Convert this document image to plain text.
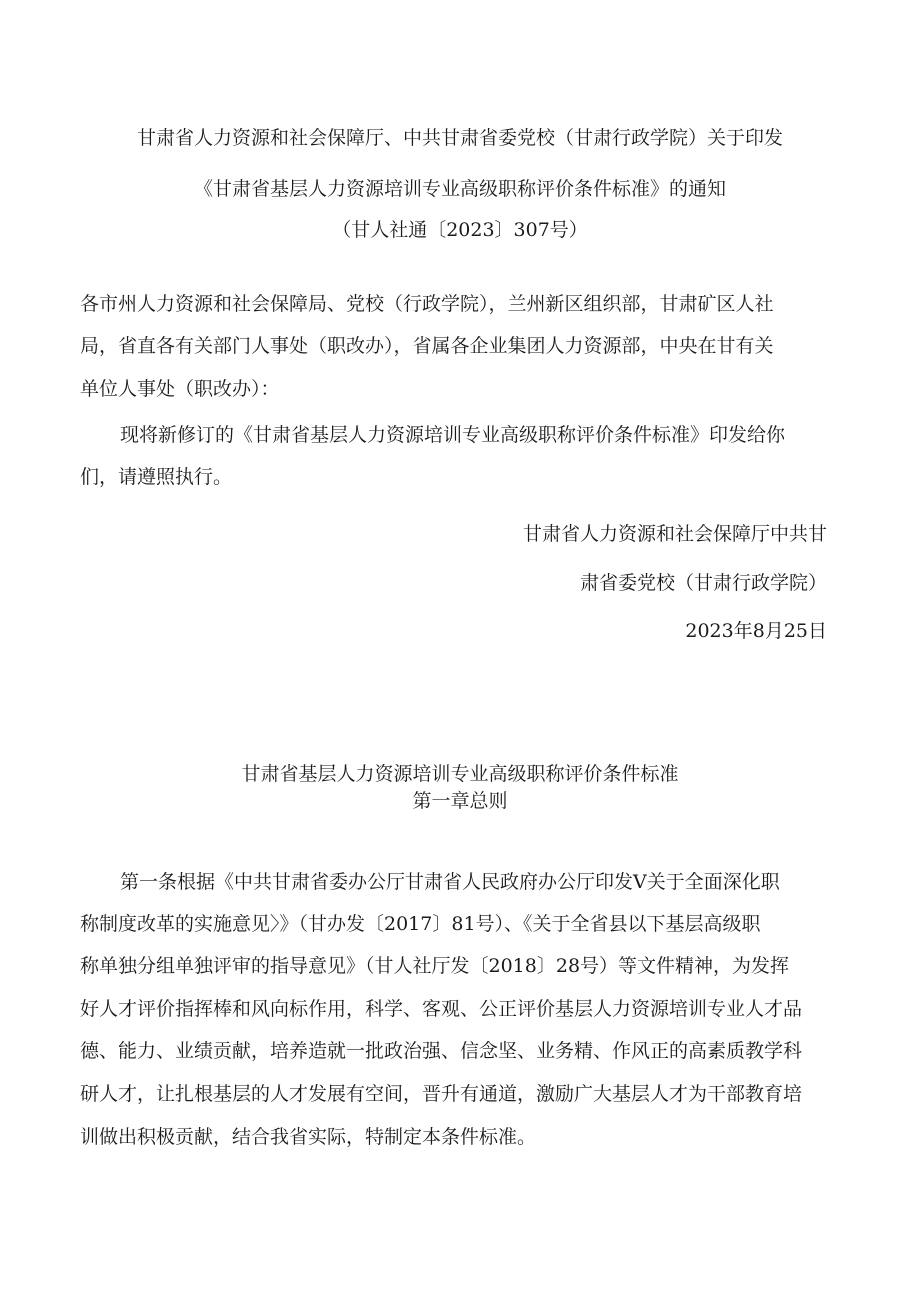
甘肃省人力资源和社会保障厅、中共甘肃省委党校（甘肃行政学院）关于印发
《甘肃省基层人力资源培训专业高级职称评价条件标准》的通知
（甘人社通〔2023〕307号）
各市州人力资源和社会保障局、党校（行政学院），兰州新区组织部，甘肃矿区人社
局，省直各有关部门人事处（职改办），省属各企业集团人力资源部，中央在甘有关
单位人事处（职改办）：
现将新修订的《甘肃省基层人力资源培训专业高级职称评价条件标准》印发给你
们，请遵照执行。
甘肃省人力资源和社会保障厅中共甘
肃省委党校（甘肃行政学院）
2023年8月25日
甘肃省基层人力资源培训专业高级职称评价条件标准
第一章总则
第一条根据《中共甘肃省委办公厅甘肃省人民政府办公厅印发V关于全面深化职
称制度改革的实施意见〉》（甘办发〔2017〕81号）、《关于全省县以下基层高级职
称单独分组单独评审的指导意见》（甘人社厅发〔2018〕28号）等文件精神，为发挥
好人才评价指挥棒和风向标作用，科学、客观、公正评价基层人力资源培训专业人才品
德、能力、业绩贡献，培养造就一批政治强、信念坚、业务精、作风正的高素质教学科
研人才，让扎根基层的人才发展有空间，晋升有通道，激励广大基层人才为干部教育培
训做出积极贡献，结合我省实际，特制定本条件标准。
